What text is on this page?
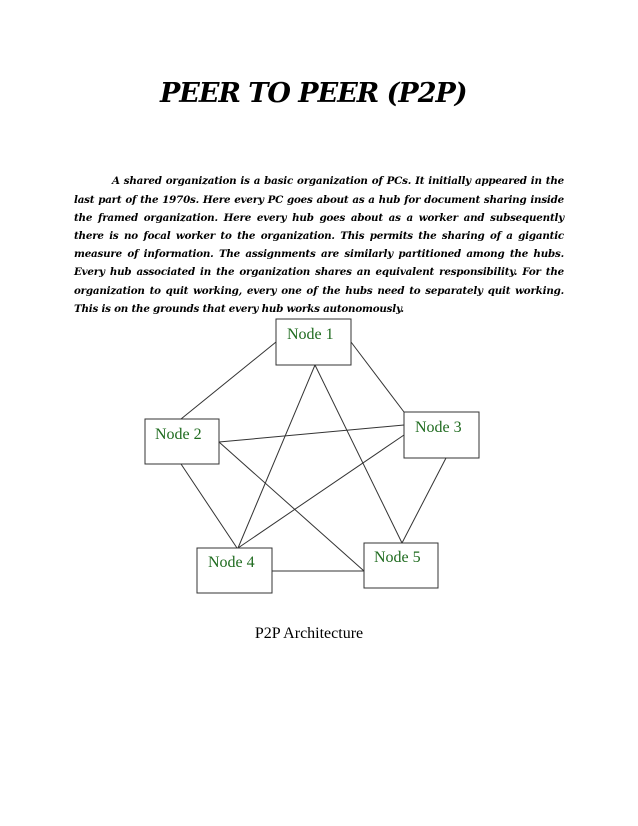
PEER TO PEER (P2P)

A shared organization is a basic organization of PCs. It initially appeared in the last part of the 1970s. Here every PC goes about as a hub for document sharing inside the framed organization. Here every hub goes about as a worker and subsequently there is no focal worker to the organization. This permits the sharing of a gigantic measure of information. The assignments are similarly partitioned among the hubs. Every hub associated in the organization shares an equivalent responsibility. For the organization to quit working, every one of the hubs need to separately quit working. This is on the grounds that every hub works autonomously.

Node 1
Node 2	Node 3
Node 4	Node 5
P2P Architecture
